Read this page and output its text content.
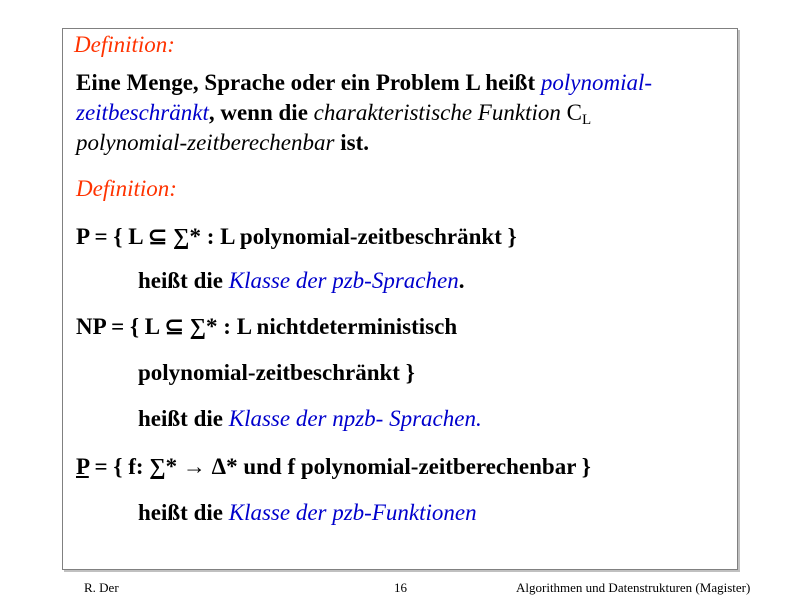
Definition:
Eine Menge, Sprache oder ein Problem L heißt polynomial-
zeitbeschränkt, wenn die charakteristische Funktion $C_L$
polynomial-zeitberechenbar ist.
Definition:
P = { L ⊆ ∑* : L polynomial-zeitbeschränkt }
heißt die Klasse der pzb-Sprachen.
NP = { L ⊆ ∑* : L nichtdeterministisch
polynomial-zeitbeschränkt }
heißt die Klasse der npzb- Sprachen.
P = { f: ∑* → Δ* und f polynomial-zeitberechenbar }
heißt die Klasse der pzb-Funktionen
R. Der	16	Algorithmen und Datenstrukturen (Magister)
